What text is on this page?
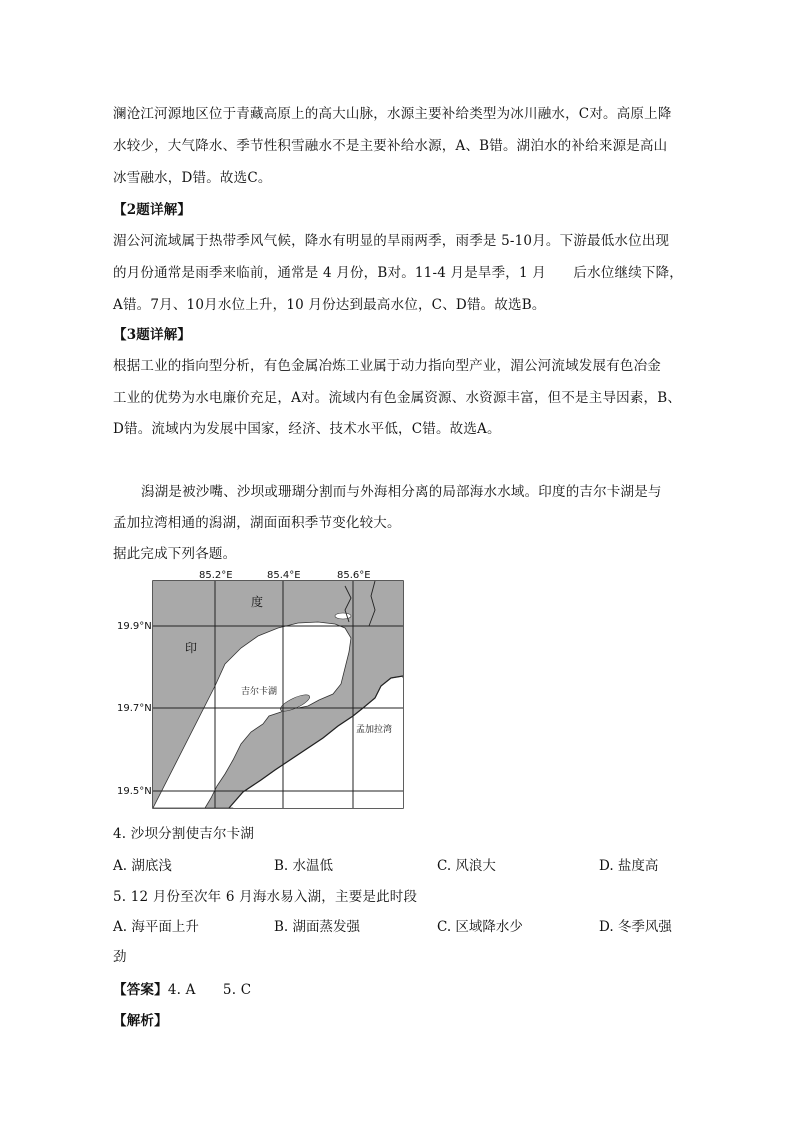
澜沧江河源地区位于青藏高原上的高大山脉，水源主要补给类型为冰川融水，C对。高原上降
水较少，大气降水、季节性积雪融水不是主要补给水源，A、B错。湖泊水的补给来源是高山
冰雪融水，D错。故选C。
【2题详解】
湄公河流域属于热带季风气候，降水有明显的旱雨两季，雨季是 5-10月。下游最低水位出现
的月份通常是雨季来临前，通常是 4 月份，B对。11-4 月是旱季，1 月　　后水位继续下降，
A错。7月、10月水位上升，10 月份达到最高水位，C、D错。故选B。
【3题详解】
根据工业的指向型分析，有色金属冶炼工业属于动力指向型产业，湄公河流域发展有色冶金
工业的优势为水电廉价充足，A对。流域内有色金属资源、水资源丰富，但不是主导因素，B、
D错。流域内为发展中国家，经济、技术水平低，C错。故选A。
潟湖是被沙嘴、沙坝或珊瑚分割而与外海相分离的局部海水水域。印度的吉尔卡湖是与
孟加拉湾相通的潟湖，湖面面积季节变化较大。
据此完成下列各题。
85.2°E	85.4°E	85.6°E
19.9°N
19.7°N
19.5°N
印
度
吉尔卡湖
孟加拉湾
4. 沙坝分割使吉尔卡湖
A. 湖底浅	B. 水温低	C. 风浪大	D. 盐度高
5. 12 月份至次年 6 月海水易入湖，主要是此时段
A. 海平面上升	B. 湖面蒸发强	C. 区域降水少	D. 冬季风强
劲
【答案】4. A　　5. C
【解析】
